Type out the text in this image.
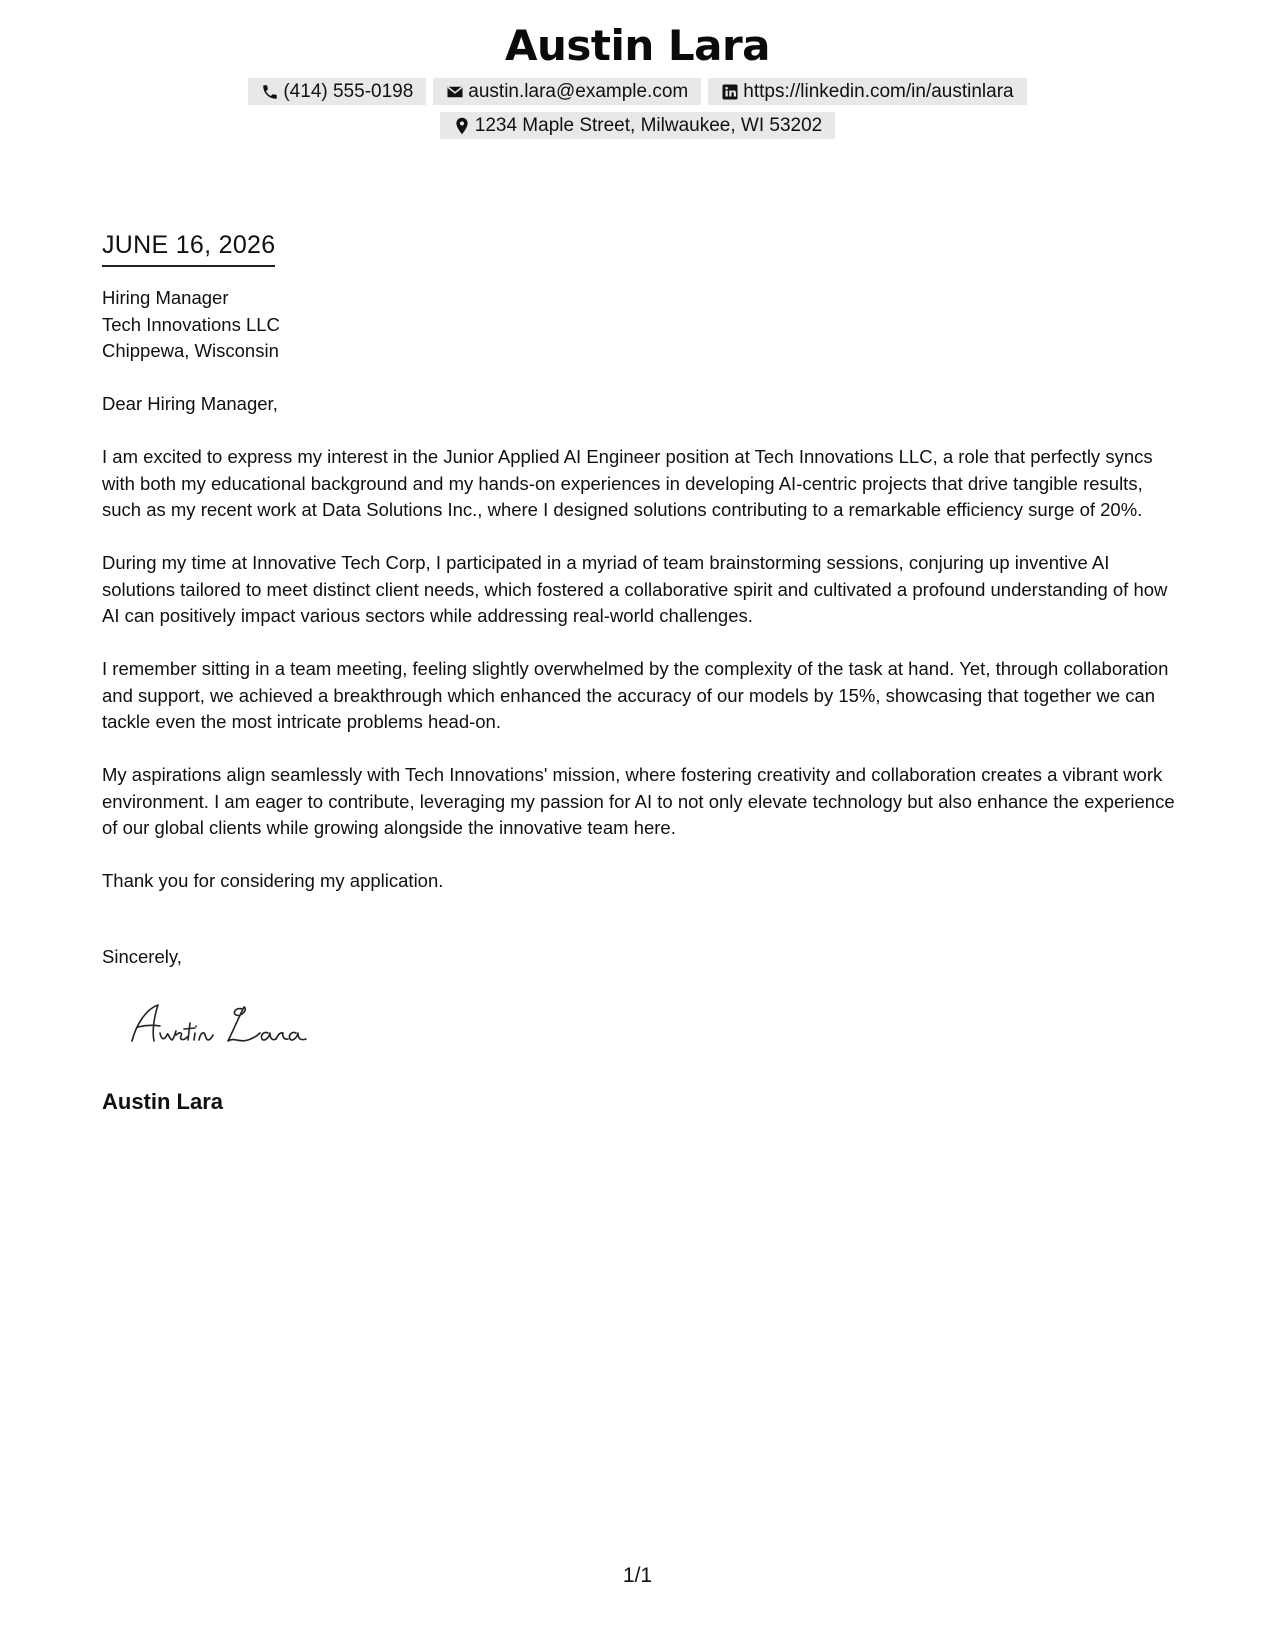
Austin Lara
(414) 555-0198	austin.lara@example.com	https://linkedin.com/in/austinlara
1234 Maple Street, Milwaukee, WI 53202
JUNE 16, 2026
Hiring Manager
Tech Innovations LLC
Chippewa, Wisconsin

Dear Hiring Manager,

I am excited to express my interest in the Junior Applied AI Engineer position at Tech Innovations LLC, a role that perfectly syncs with both my educational background and my hands-on experiences in developing AI-centric projects that drive tangible results, such as my recent work at Data Solutions Inc., where I designed solutions contributing to a remarkable efficiency surge of 20%.

During my time at Innovative Tech Corp, I participated in a myriad of team brainstorming sessions, conjuring up inventive AI solutions tailored to meet distinct client needs, which fostered a collaborative spirit and cultivated a profound understanding of how AI can positively impact various sectors while addressing real-world challenges.

I remember sitting in a team meeting, feeling slightly overwhelmed by the complexity of the task at hand. Yet, through collaboration and support, we achieved a breakthrough which enhanced the accuracy of our models by 15%, showcasing that together we can tackle even the most intricate problems head-on.

My aspirations align seamlessly with Tech Innovations' mission, where fostering creativity and collaboration creates a vibrant work environment. I am eager to contribute, leveraging my passion for AI to not only elevate technology but also enhance the experience of our global clients while growing alongside the innovative team here.

Thank you for considering my application.

Sincerely,
Austin Lara
1/1
